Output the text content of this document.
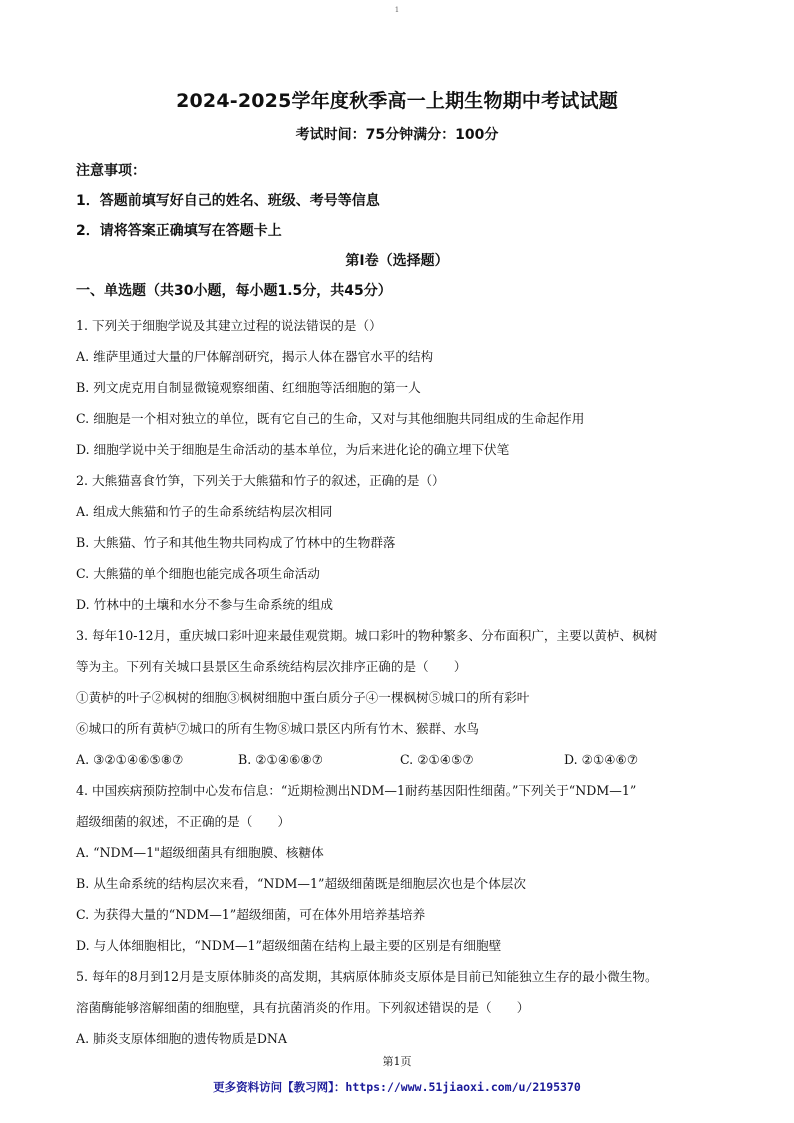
1
2024-2025学年度秋季高一上期生物期中考试试题
考试时间：75分钟满分：100分
注意事项：
1．答题前填写好自己的姓名、班级、考号等信息
2．请将答案正确填写在答题卡上
第I卷（选择题）
一、单选题（共30小题，每小题1.5分，共45分）
1. 下列关于细胞学说及其建立过程的说法错误的是（）
A. 维萨里通过大量的尸体解剖研究，揭示人体在器官水平的结构
B. 列文虎克用自制显微镜观察细菌、红细胞等活细胞的第一人
C. 细胞是一个相对独立的单位，既有它自己的生命，又对与其他细胞共同组成的生命起作用
D. 细胞学说中关于细胞是生命活动的基本单位，为后来进化论的确立埋下伏笔
2. 大熊猫喜食竹笋，下列关于大熊猫和竹子的叙述，正确的是（）
A. 组成大熊猫和竹子的生命系统结构层次相同
B. 大熊猫、竹子和其他生物共同构成了竹林中的生物群落
C. 大熊猫的单个细胞也能完成各项生命活动
D. 竹林中的土壤和水分不参与生命系统的组成
3. 每年10-12月，重庆城口彩叶迎来最佳观赏期。城口彩叶的物种繁多、分布面积广，主要以黄栌、枫树
等为主。下列有关城口县景区生命系统结构层次排序正确的是（　　）
①黄栌的叶子②枫树的细胞③枫树细胞中蛋白质分子④一棵枫树⑤城口的所有彩叶
⑥城口的所有黄栌⑦城口的所有生物⑧城口景区内所有竹木、猴群、水鸟
A. ③②①④⑥⑤⑧⑦	B. ②①④⑥⑧⑦	C. ②①④⑤⑦	D. ②①④⑥⑦
4. 中国疾病预防控制中心发布信息：“近期检测出NDM—1耐药基因阳性细菌。”下列关于“NDM—1”
超级细菌的叙述，不正确的是（　　）
A. “NDM—1"超级细菌具有细胞膜、核糖体
B. 从生命系统的结构层次来看，“NDM—1”超级细菌既是细胞层次也是个体层次
C. 为获得大量的“NDM—1”超级细菌，可在体外用培养基培养
D. 与人体细胞相比，“NDM—1”超级细菌在结构上最主要的区别是有细胞壁
5. 每年的8月到12月是支原体肺炎的高发期，其病原体肺炎支原体是目前已知能独立生存的最小微生物。
溶菌酶能够溶解细菌的细胞壁，具有抗菌消炎的作用。下列叙述错误的是（　　）
A. 肺炎支原体细胞的遗传物质是DNA
第1页
更多资料访问【教习网】：https://www.51jiaoxi.com/u/2195370
